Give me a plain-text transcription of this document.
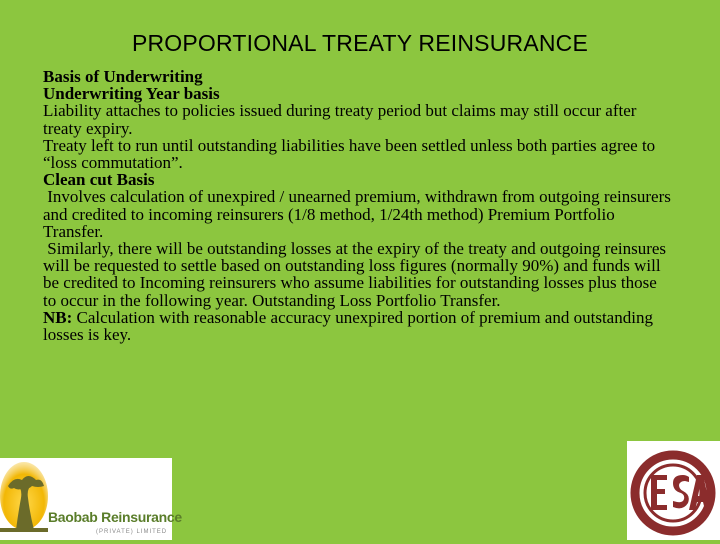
PROPORTIONAL TREATY REINSURANCE

Basis of Underwriting

Underwriting Year basis

Liability attaches to policies issued during treaty period but claims may still occur after treaty expiry.

Treaty left to run until outstanding liabilities have been settled unless both parties agree to “loss commutation”.

Clean cut Basis

Involves calculation of unexpired / unearned premium, withdrawn from outgoing reinsurers and credited to incoming reinsurers (1/8 method, 1/24th method) Premium Portfolio Transfer.

Similarly, there will be outstanding losses at the expiry of the treaty and outgoing reinsures will be requested to settle based on outstanding loss figures (normally 90%) and funds will be credited to Incoming reinsurers who assume liabilities for outstanding losses plus those to occur in the following year. Outstanding Loss Portfolio Transfer.

NB: Calculation with reasonable accuracy unexpired portion of premium and outstanding losses is key.

Baobab Reinsurance
(PRIVATE) LIMITED
